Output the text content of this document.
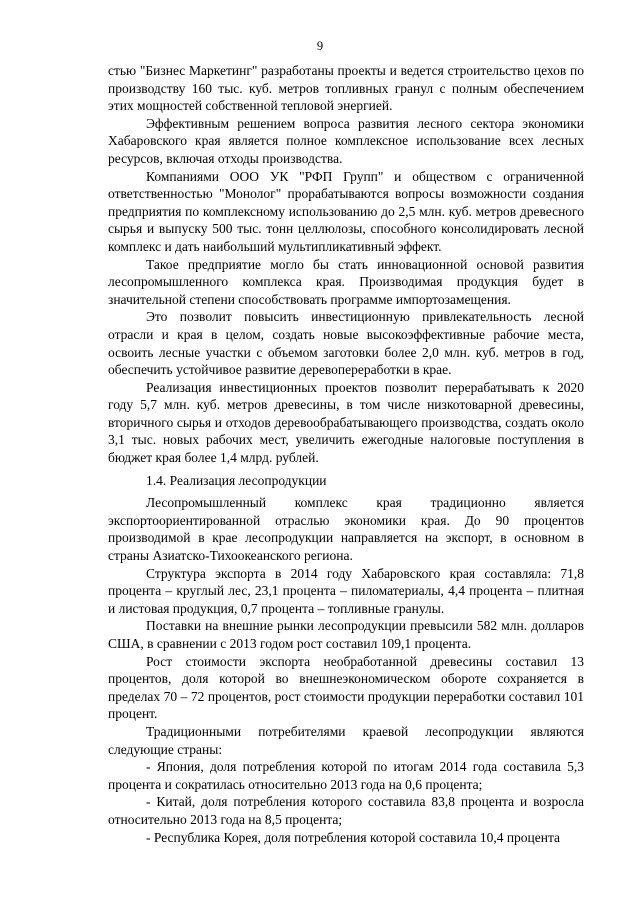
9

стью "Бизнес Маркетинг" разработаны проекты и ведется строительство цехов по производству 160 тыс. куб. метров топливных гранул с полным обеспечением этих мощностей собственной тепловой энергией.

Эффективным решением вопроса развития лесного сектора экономики Хабаровского края является полное комплексное использование всех лесных ресурсов, включая отходы производства.

Компаниями ООО УК "РФП Групп" и обществом с ограниченной ответственностью "Монолог" прорабатываются вопросы возможности создания предприятия по комплексному использованию до 2,5 млн. куб. метров древесного сырья и выпуску 500 тыс. тонн целлюлозы, способного консолидировать лесной комплекс и дать наибольший мультипликативный эффект.

Такое предприятие могло бы стать инновационной основой развития лесопромышленного комплекса края. Производимая продукция будет в значительной степени способствовать программе импортозамещения.

Это позволит повысить инвестиционную привлекательность лесной отрасли и края в целом, создать новые высокоэффективные рабочие места, освоить лесные участки с объемом заготовки более 2,0 млн. куб. метров в год, обеспечить устойчивое развитие деревопереработки в крае.

Реализация инвестиционных проектов позволит перерабатывать к 2020 году 5,7 млн. куб. метров древесины, в том числе низкотоварной древесины, вторичного сырья и отходов деревообрабатывающего производства, создать около 3,1 тыс. новых рабочих мест, увеличить ежегодные налоговые поступления в бюджет края более 1,4 млрд. рублей.

1.4. Реализация лесопродукции

Лесопромышленный комплекс края традиционно является экспортоориентированной отраслью экономики края. До 90 процентов производимой в крае лесопродукции направляется на экспорт, в основном в страны Азиатско-Тихоокеанского региона.

Структура экспорта в 2014 году Хабаровского края составляла: 71,8 процента – круглый лес, 23,1 процента – пиломатериалы, 4,4 процента – плитная и листовая продукция, 0,7 процента – топливные гранулы.

Поставки на внешние рынки лесопродукции превысили 582 млн. долларов США, в сравнении с 2013 годом рост составил 109,1 процента.

Рост стоимости экспорта необработанной древесины составил 13 процентов, доля которой во внешнеэкономическом обороте сохраняется в пределах 70 – 72 процентов, рост стоимости продукции переработки составил 101 процент.

Традиционными потребителями краевой лесопродукции являются следующие страны:

- Япония, доля потребления которой по итогам 2014 года составила 5,3 процента и сократилась относительно 2013 года на 0,6 процента;

- Китай, доля потребления которого составила 83,8 процента и возросла относительно 2013 года на 8,5 процента;

- Республика Корея, доля потребления которой составила 10,4 процента
